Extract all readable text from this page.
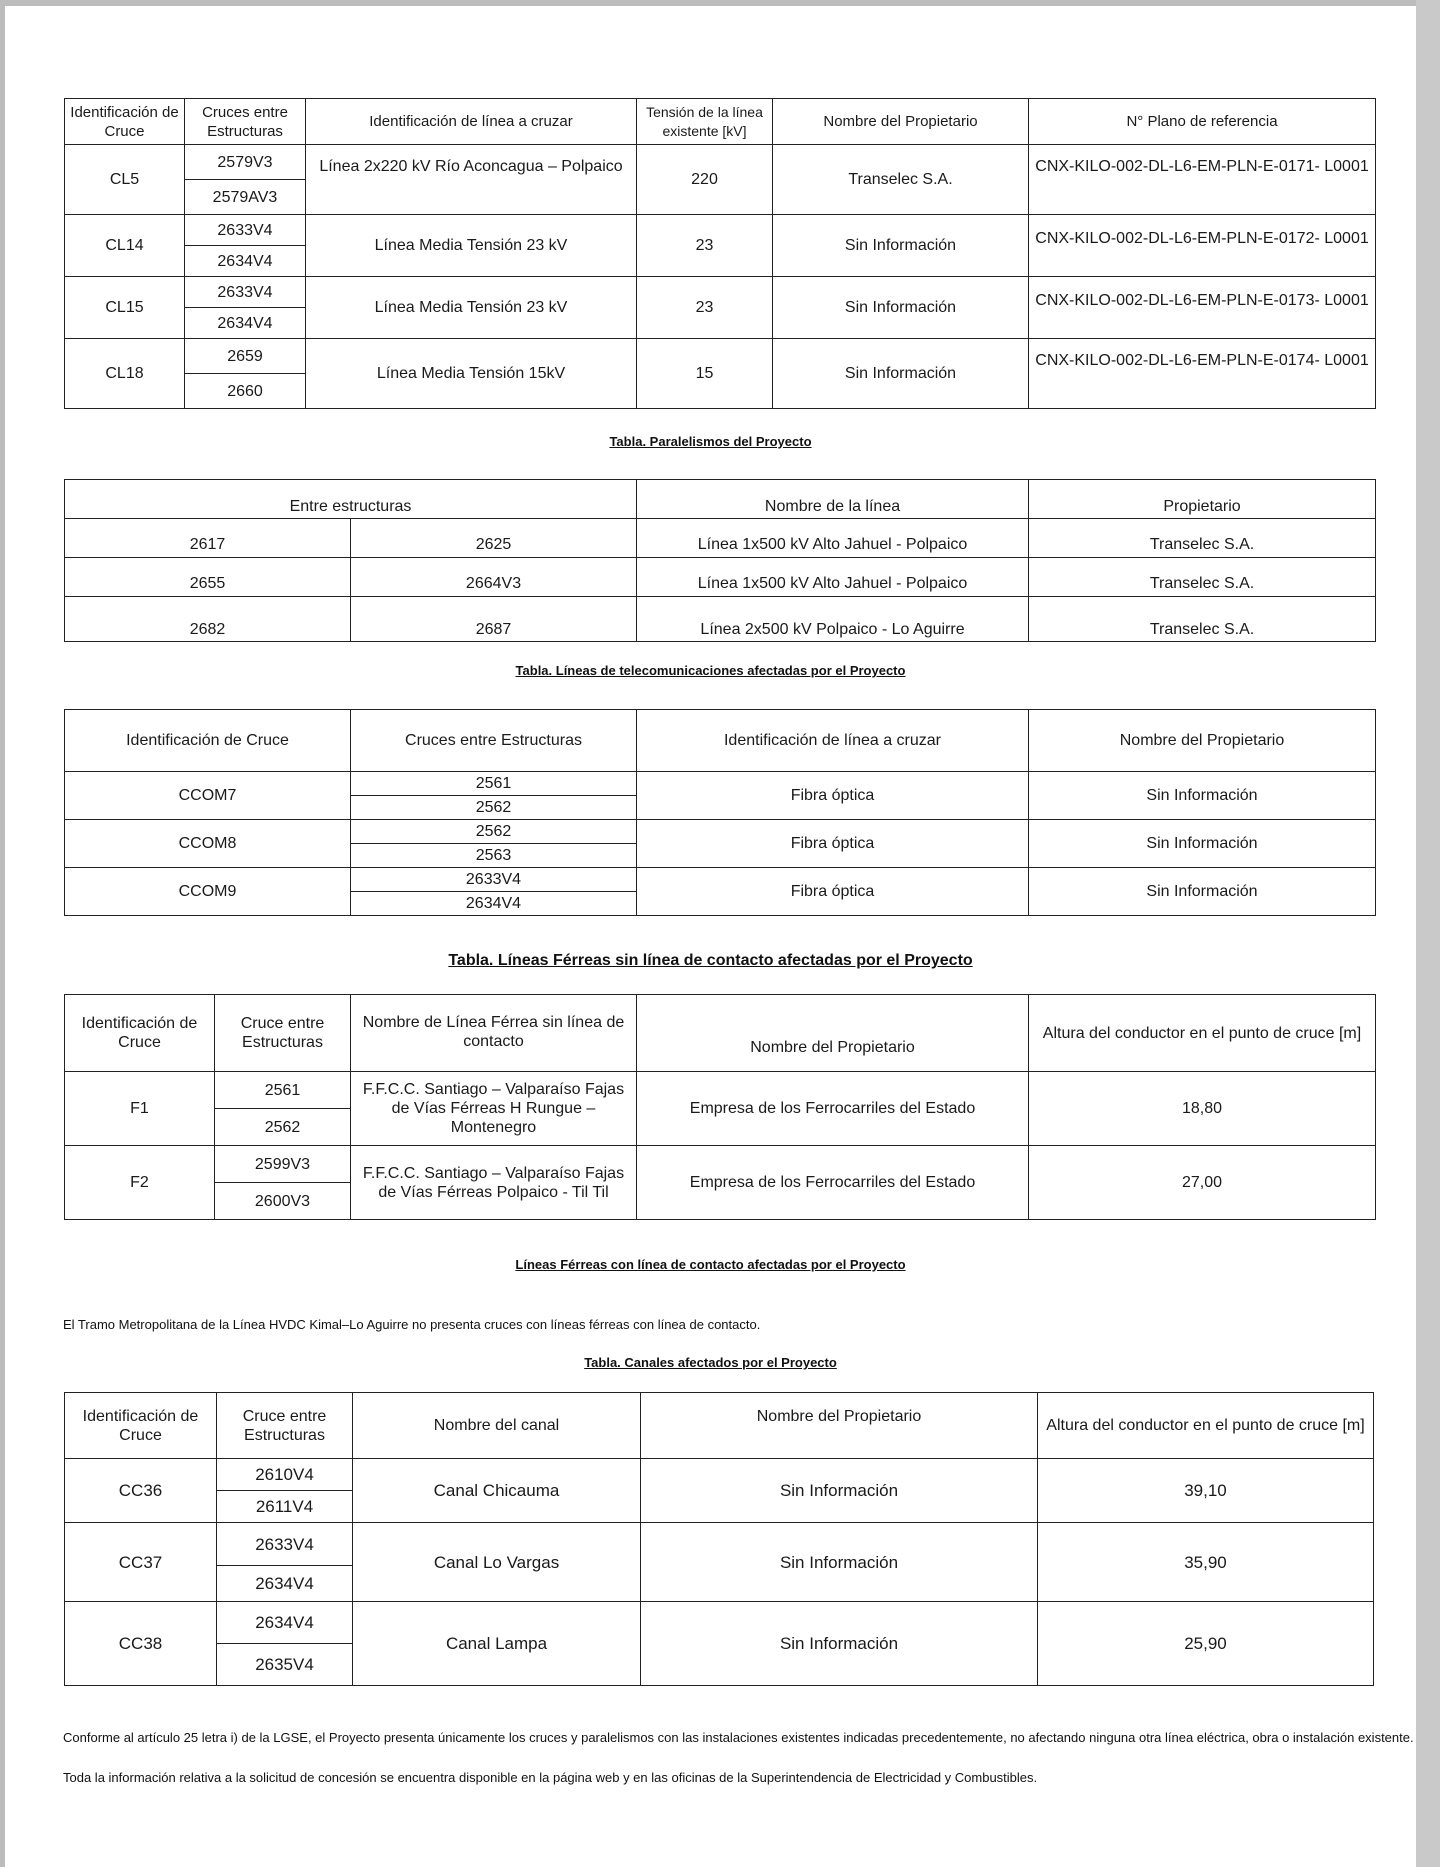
Identificación de Cruce	Cruces entre Estructuras	Identificación de línea a cruzar	Tensión de la línea existente [kV]	Nombre del Propietario	N° Plano de referencia
CL5	2579V3	Línea 2x220 kV Río Aconcagua – Polpaico	220	Transelec S.A.	CNX-KILO-002-DL-L6-EM-PLN-E-0171- L0001
	2579AV3				
CL14	2633V4	Línea Media Tensión 23 kV	23	Sin Información	CNX-KILO-002-DL-L6-EM-PLN-E-0172- L0001
	2634V4				
CL15	2633V4	Línea Media Tensión 23 kV	23	Sin Información	CNX-KILO-002-DL-L6-EM-PLN-E-0173- L0001
	2634V4				
CL18	2659	Línea Media Tensión 15kV	15	Sin Información	CNX-KILO-002-DL-L6-EM-PLN-E-0174- L0001
	2660				
Tabla. Paralelismos del Proyecto
Entre estructuras		Nombre de la línea	Propietario
2617	2625	Línea 1x500 kV Alto Jahuel - Polpaico	Transelec S.A.
2655	2664V3	Línea 1x500 kV Alto Jahuel - Polpaico	Transelec S.A.
2682	2687	Línea 2x500 kV Polpaico - Lo Aguirre	Transelec S.A.
Tabla. Líneas de telecomunicaciones afectadas por el Proyecto
Identificación de Cruce	Cruces entre Estructuras	Identificación de línea a cruzar	Nombre del Propietario
CCOM7	2561	Fibra óptica	Sin Información
	2562		
CCOM8	2562	Fibra óptica	Sin Información
	2563		
CCOM9	2633V4	Fibra óptica	Sin Información
	2634V4		
Tabla. Líneas Férreas sin línea de contacto afectadas por el Proyecto
Identificación de Cruce	Cruce entre Estructuras	Nombre de Línea Férrea sin línea de contacto	Nombre del Propietario	Altura del conductor en el punto de cruce [m]
F1	2561	F.F.C.C. Santiago – Valparaíso Fajas de Vías Férreas H Rungue – Montenegro	Empresa de los Ferrocarriles del Estado	18,80
	2562			
F2	2599V3	F.F.C.C. Santiago – Valparaíso Fajas de Vías Férreas Polpaico - Til Til	Empresa de los Ferrocarriles del Estado	27,00
	2600V3			
Líneas Férreas con línea de contacto afectadas por el Proyecto
El Tramo Metropolitana de la Línea HVDC Kimal–Lo Aguirre no presenta cruces con líneas férreas con línea de contacto.
Tabla. Canales afectados por el Proyecto
Identificación de Cruce	Cruce entre Estructuras	Nombre del canal	Nombre del Propietario	Altura del conductor en el punto de cruce [m]
CC36	2610V4	Canal Chicauma	Sin Información	39,10
	2611V4			
CC37	2633V4	Canal Lo Vargas	Sin Información	35,90
	2634V4			
CC38	2634V4	Canal Lampa	Sin Información	25,90
	2635V4			
Conforme al artículo 25 letra i) de la LGSE, el Proyecto presenta únicamente los cruces y paralelismos con las instalaciones existentes indicadas precedentemente, no afectando ninguna otra línea eléctrica, obra o instalación existente.
Toda la información relativa a la solicitud de concesión se encuentra disponible en la página web y en las oficinas de la Superintendencia de Electricidad y Combustibles.
